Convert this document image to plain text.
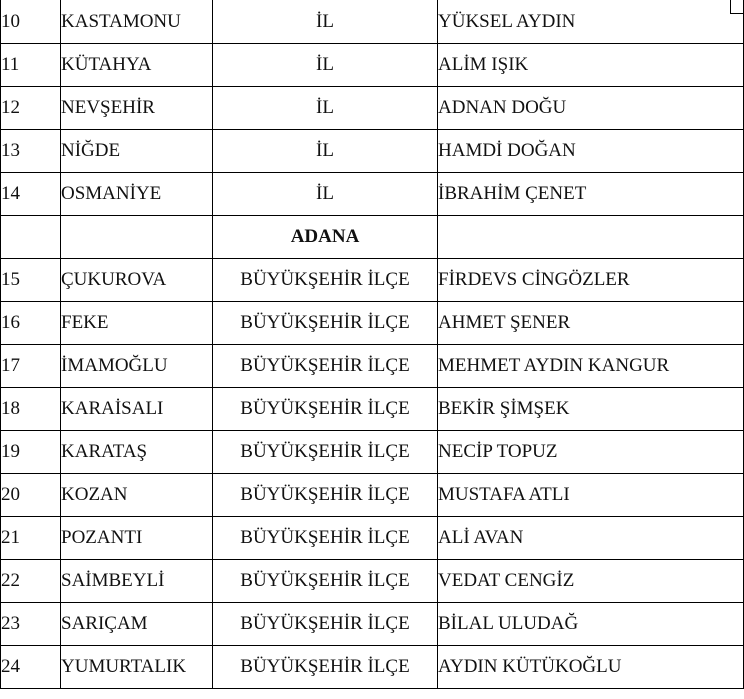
10	KASTAMONU	İL	YÜKSEL AYDIN
11	KÜTAHYA	İL	ALİM IŞIK
12	NEVŞEHİR	İL	ADNAN DOĞU
13	NİĞDE	İL	HAMDİ DOĞAN
14	OSMANİYE	İL	İBRAHİM ÇENET
		ADANA	
15	ÇUKUROVA	BÜYÜKŞEHİR İLÇE	FİRDEVS CİNGÖZLER
16	FEKE	BÜYÜKŞEHİR İLÇE	AHMET ŞENER
17	İMAMOĞLU	BÜYÜKŞEHİR İLÇE	MEHMET AYDIN KANGUR
18	KARAİSALI	BÜYÜKŞEHİR İLÇE	BEKİR ŞİMŞEK
19	KARATAŞ	BÜYÜKŞEHİR İLÇE	NECİP TOPUZ
20	KOZAN	BÜYÜKŞEHİR İLÇE	MUSTAFA ATLI
21	POZANTI	BÜYÜKŞEHİR İLÇE	ALİ AVAN
22	SAİMBEYLİ	BÜYÜKŞEHİR İLÇE	VEDAT CENGİZ
23	SARIÇAM	BÜYÜKŞEHİR İLÇE	BİLAL ULUDAĞ
24	YUMURTALIK	BÜYÜKŞEHİR İLÇE	AYDIN KÜTÜKOĞLU
